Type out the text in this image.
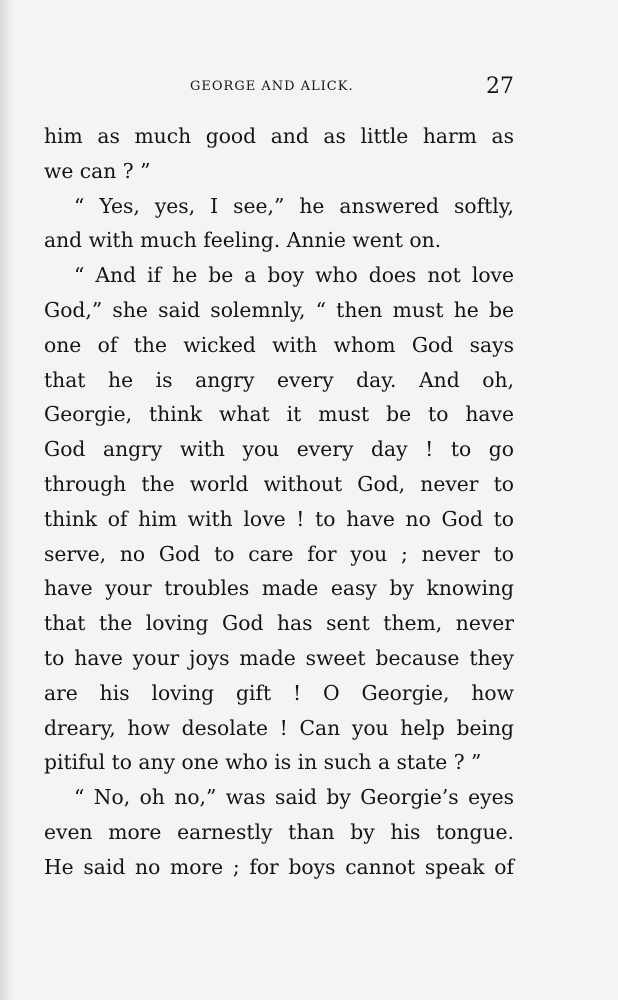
GEORGE AND ALICK.	27
him as much good and as little harm as
we can ? ”
“ Yes, yes, I see,” he answered softly,
and with much feeling. Annie went on.
“ And if he be a boy who does not love
God,” she said solemnly, “ then must he be
one of the wicked with whom God says
that he is angry every day. And oh,
Georgie, think what it must be to have
God angry with you every day ! to go
through the world without God, never to
think of him with love ! to have no God to
serve, no God to care for you ; never to
have your troubles made easy by knowing
that the loving God has sent them, never
to have your joys made sweet because they
are his loving gift ! O Georgie, how
dreary, how desolate ! Can you help being
pitiful to any one who is in such a state ? ”
“ No, oh no,” was said by Georgie’s eyes
even more earnestly than by his tongue.
He said no more ; for boys cannot speak of
